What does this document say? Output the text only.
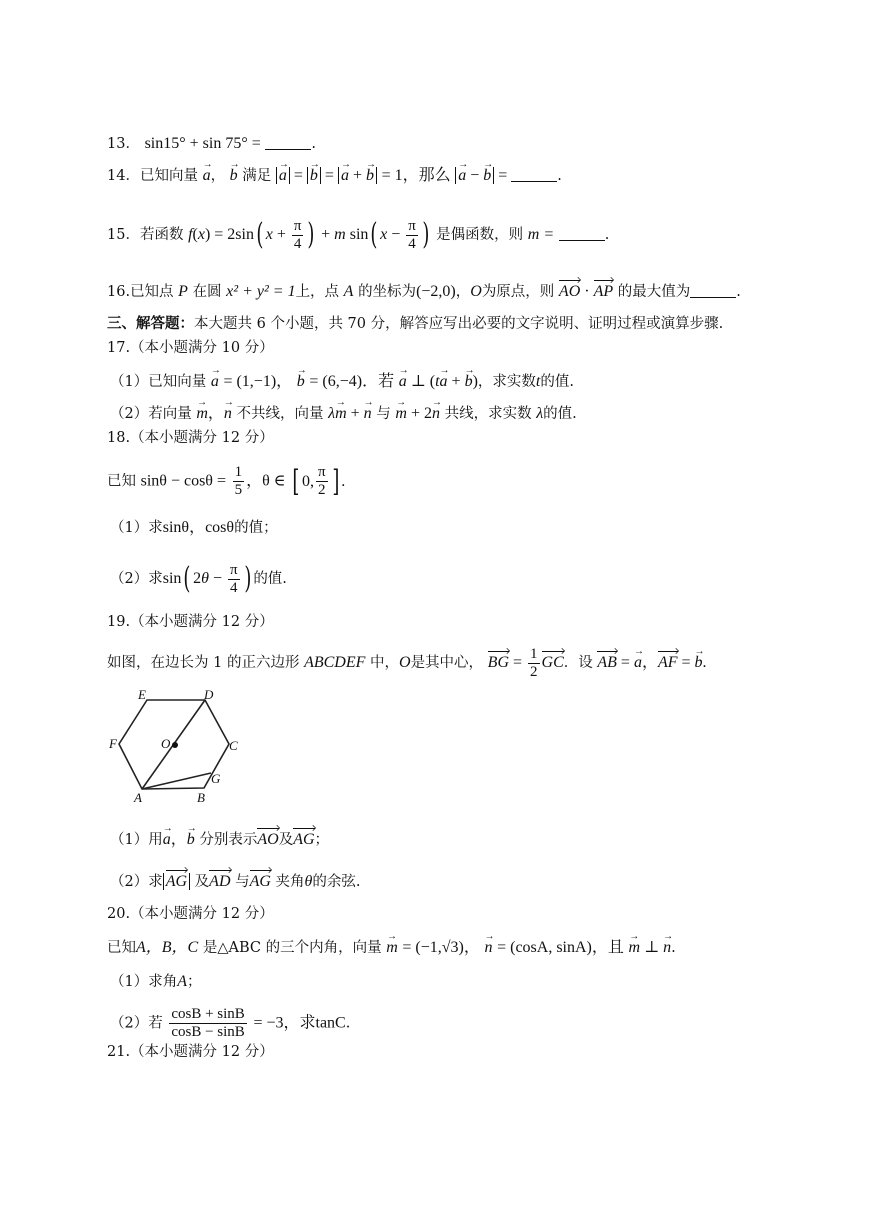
13． sin15° + sin 75° =	.
14．已知向量 → a， → b 满足 → a = → b = → a + → b = 1，那么 → a − → b =	.
15．若函数 f(x) = 2sin( $x + \frac{\pi}{4}$ ) + m sin( $x - \frac{\pi}{4}$ ) 是偶函数，则 m =	.
16.已知点 P 在圆 x² + y² = 1上，点 A 的坐标为(−2,0)，O为原点，则 AO · AP 的最大值为	.
三、解答题：本大题共 6 个小题，共 70 分，解答应写出必要的文字说明、证明过程或演算步骤.
17.（本小题满分 10 分）
（1）已知向量 → a = (1,−1)， → b = (6,−4)．若 → a ⊥ (t→ a + → b)，求实数t的值.
（2）若向量 → m，→ n 不共线，向量 λ→ m + → n 与 → m + 2→ n 共线，求实数 λ的值.
18.（本小题满分 12 分）
已知 $\sin\theta - \cos\theta = \frac{1}{5}$ ，θ ∈ [ 0, $\frac{\pi}{2}$ ] .
（1）求sinθ，cosθ的值；
（2）求sin( $2\theta - \frac{\pi}{4}$ ) 的值.
19.（本小题满分 12 分）
如图，在边长为 1 的正六边形 ABCDEF 中，O是其中心， BG = $\frac{1}{2}$ GC．设 AB = → a，AF = → b.
E	D
F	O	C
G
A	B
（1）用→ a，→ b 分别表示AO及AG；
（2）求 AG 及AD 与AG 夹角θ的余弦.
20.（本小题满分 12 分）
已知A，B，C 是△ABC 的三个内角，向量 → m = (−1,√3)， → n = (cosA, sinA)，且 → m ⊥ → n.
（1）求角A；
（2）若 $\frac{\cos B + \sin B}{\cos B - \sin B} = -3$，求tanC.
21.（本小题满分 12 分）
